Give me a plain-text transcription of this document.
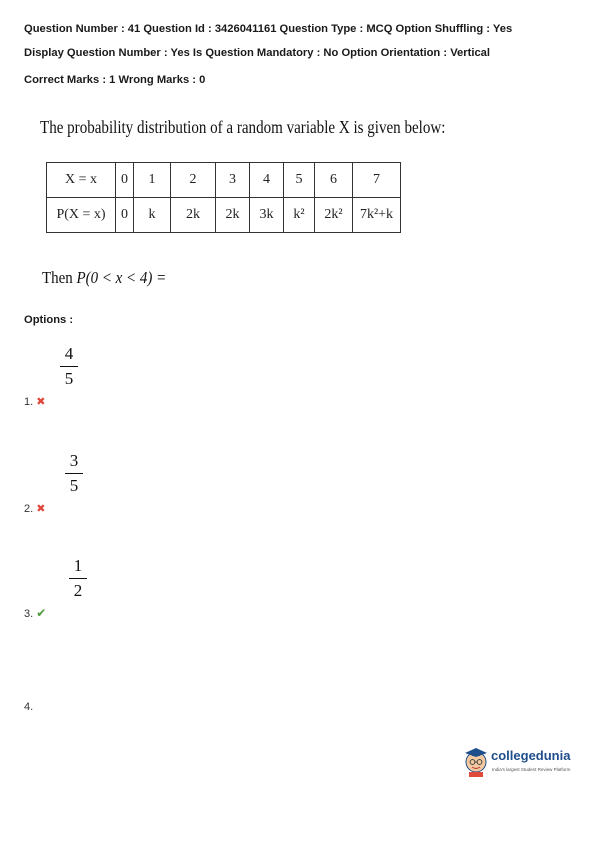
Question Number : 41 Question Id : 3426041161 Question Type : MCQ Option Shuffling : Yes
Display Question Number : Yes Is Question Mandatory : No Option Orientation : Vertical
Correct Marks : 1 Wrong Marks : 0
The probability distribution of a random variable X is given below:
X = x	0	1	2	3	4	5	6	7
P(X = x)	0	k	2k	2k	3k	k²	2k²	7k²+k
Then P(0 < x < 4) =
Options :
4
5
1. ✖
3
5
2. ✖
1
2
3. ✔
4.
collegedunia
India's largest Student Review Platform
